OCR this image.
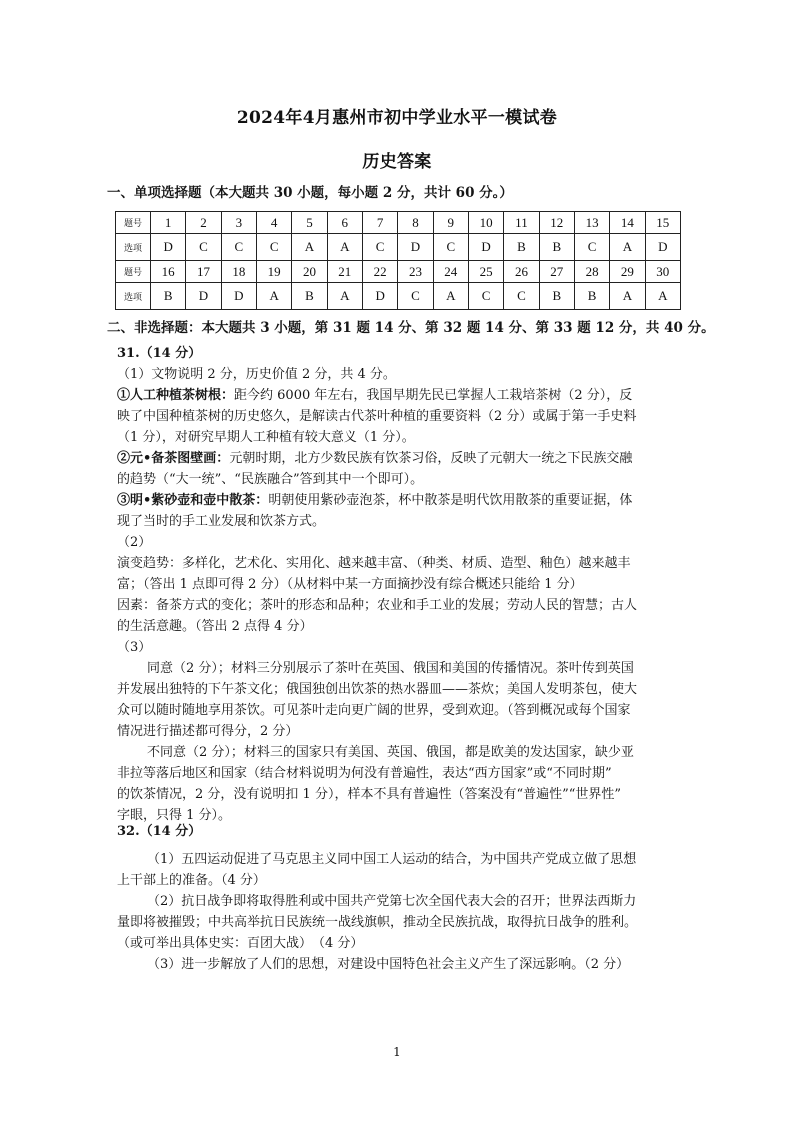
2024年4月惠州市初中学业水平一模试卷
历史答案
一、单项选择题（本大题共 30 小题，每小题 2 分，共计 60 分。）
题号	1	2	3	4	5	6	7	8	9	10	11	12	13	14	15
选项	D	C	C	C	A	A	C	D	C	D	B	B	C	A	D
题号	16	17	18	19	20	21	22	23	24	25	26	27	28	29	30
选项	B	D	D	A	B	A	D	C	A	C	C	B	B	A	A
二、非选择题：本大题共 3 小题，第 31 题 14 分、第 32 题 14 分、第 33 题 12 分，共 40 分。
31.（14 分）
（1）文物说明 2 分，历史价值 2 分，共 4 分。
①人工种植茶树根：距今约 6000 年左右，我国早期先民已掌握人工栽培茶树（2 分），反
映了中国种植茶树的历史悠久，是解读古代茶叶种植的重要资料（2 分）或属于第一手史料
（1 分），对研究早期人工种植有较大意义（1 分）。
②元•备茶图壁画：元朝时期，北方少数民族有饮茶习俗，反映了元朝大一统之下民族交融
的趋势（“大一统”、“民族融合”答到其中一个即可）。
③明•紫砂壶和壶中散茶：明朝使用紫砂壶泡茶，杯中散茶是明代饮用散茶的重要证据，体
现了当时的手工业发展和饮茶方式。
（2）
演变趋势：多样化，艺术化、实用化、越来越丰富、（种类、材质、造型、釉色）越来越丰
富；（答出 1 点即可得 2 分）（从材料中某一方面摘抄没有综合概述只能给 1 分）
因素：备茶方式的变化；茶叶的形态和品种；农业和手工业的发展；劳动人民的智慧；古人
的生活意趣。（答出 2 点得 4 分）
（3）
同意（2 分）；材料三分别展示了茶叶在英国、俄国和美国的传播情况。茶叶传到英国
并发展出独特的下午茶文化；俄国独创出饮茶的热水器皿——茶炊；美国人发明茶包，使大
众可以随时随地享用茶饮。可见茶叶走向更广阔的世界，受到欢迎。（答到概况或每个国家
情况进行描述都可得分，2 分）
不同意（2 分）；材料三的国家只有美国、英国、俄国，都是欧美的发达国家，缺少亚
非拉等落后地区和国家（结合材料说明为何没有普遍性，表达“西方国家”或“不同时期”
的饮茶情况，2 分，没有说明扣 1 分），样本不具有普遍性（答案没有“普遍性”“世界性”
字眼，只得 1 分）。
32.（14 分）
（1）五四运动促进了马克思主义同中国工人运动的结合，为中国共产党成立做了思想
上干部上的准备。（4 分）
（2）抗日战争即将取得胜利或中国共产党第七次全国代表大会的召开；世界法西斯力
量即将被摧毁；中共高举抗日民族统一战线旗帜，推动全民族抗战，取得抗日战争的胜利。
（或可举出具体史实：百团大战）　（4 分）
（3）进一步解放了人们的思想，对建设中国特色社会主义产生了深远影响。（2 分）
1
